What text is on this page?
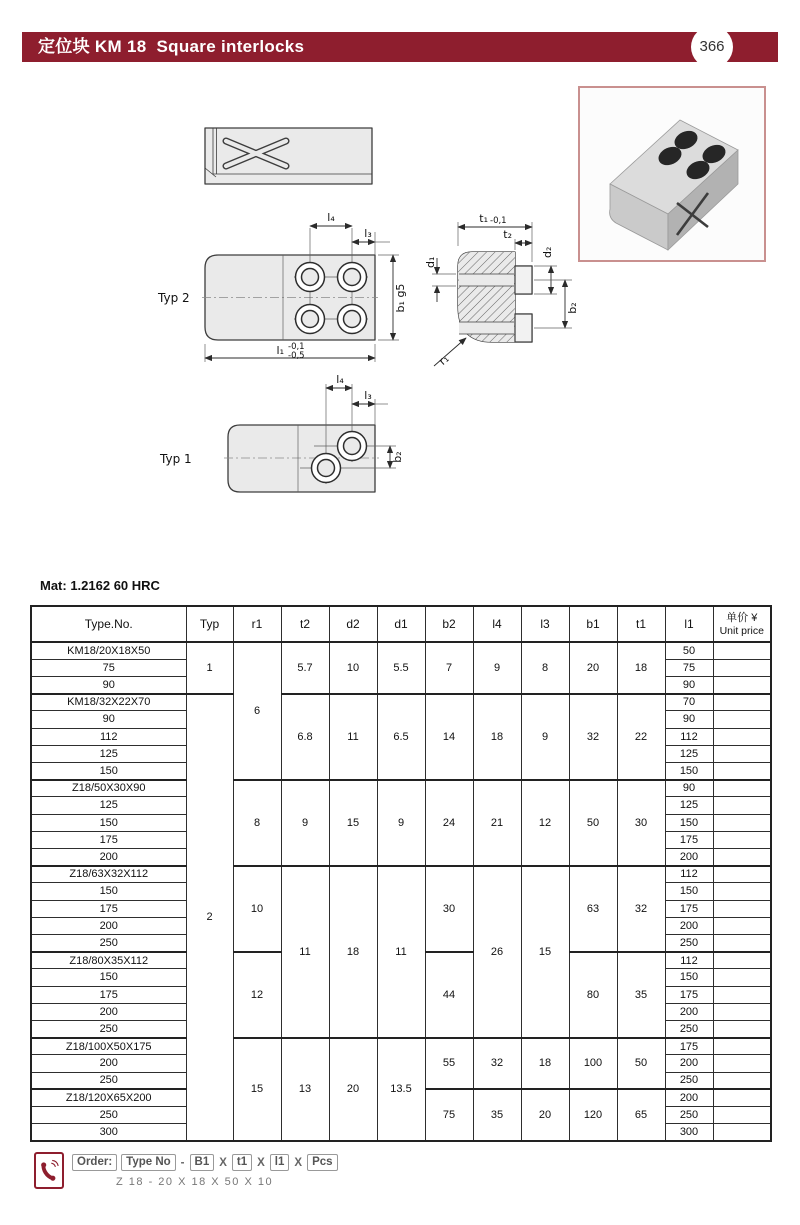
定位块 KM 18  Square interlocks	366
Typ 2
l₄
l₃
b₁ g5
l₁ -0,1
-0,5
t₁ -0,1
t₂
d₂
b₂
d₁
r₁
Typ 1
l₄
l₃
b₂
Mat: 1.2162 60 HRC
Type.No.	Typ	r1	t2	d2	d1	b2	l4	l3	b1	t1	l1	单价 ¥
Unit price

KM18/20X18X50	1	6	5.7	10	5.5	7	9	8	20	18	50	
75											75	
90											90	
KM18/32X22X70	2		6.8	11	6.5	14	18	9	32	22	70	
90											90	
112											112	
125											125	
150											150	
Z18/50X30X90		8	9	15	9	24	21	12	50	30	90	
125											125	
150											150	
175											175	
200											200	
Z18/63X32X112		10	11	18	11	30	26	15	63	32	112	
150											150	
175											175	
200											200	
250											250	
Z18/80X35X112		12				44			80	35	112	
150											150	
175											175	
200											200	
250											250	
Z18/100X50X175		15	13	20	13.5	55	32	18	100	50	175	
200											200	
250											250	
Z18/120X65X200						75	35	20	120	65	200	
250											250	
300											300	
Order:	Type No - B1 X t1 X l1 X Pcs
Z 18 - 20 X 18 X 50 X 10
